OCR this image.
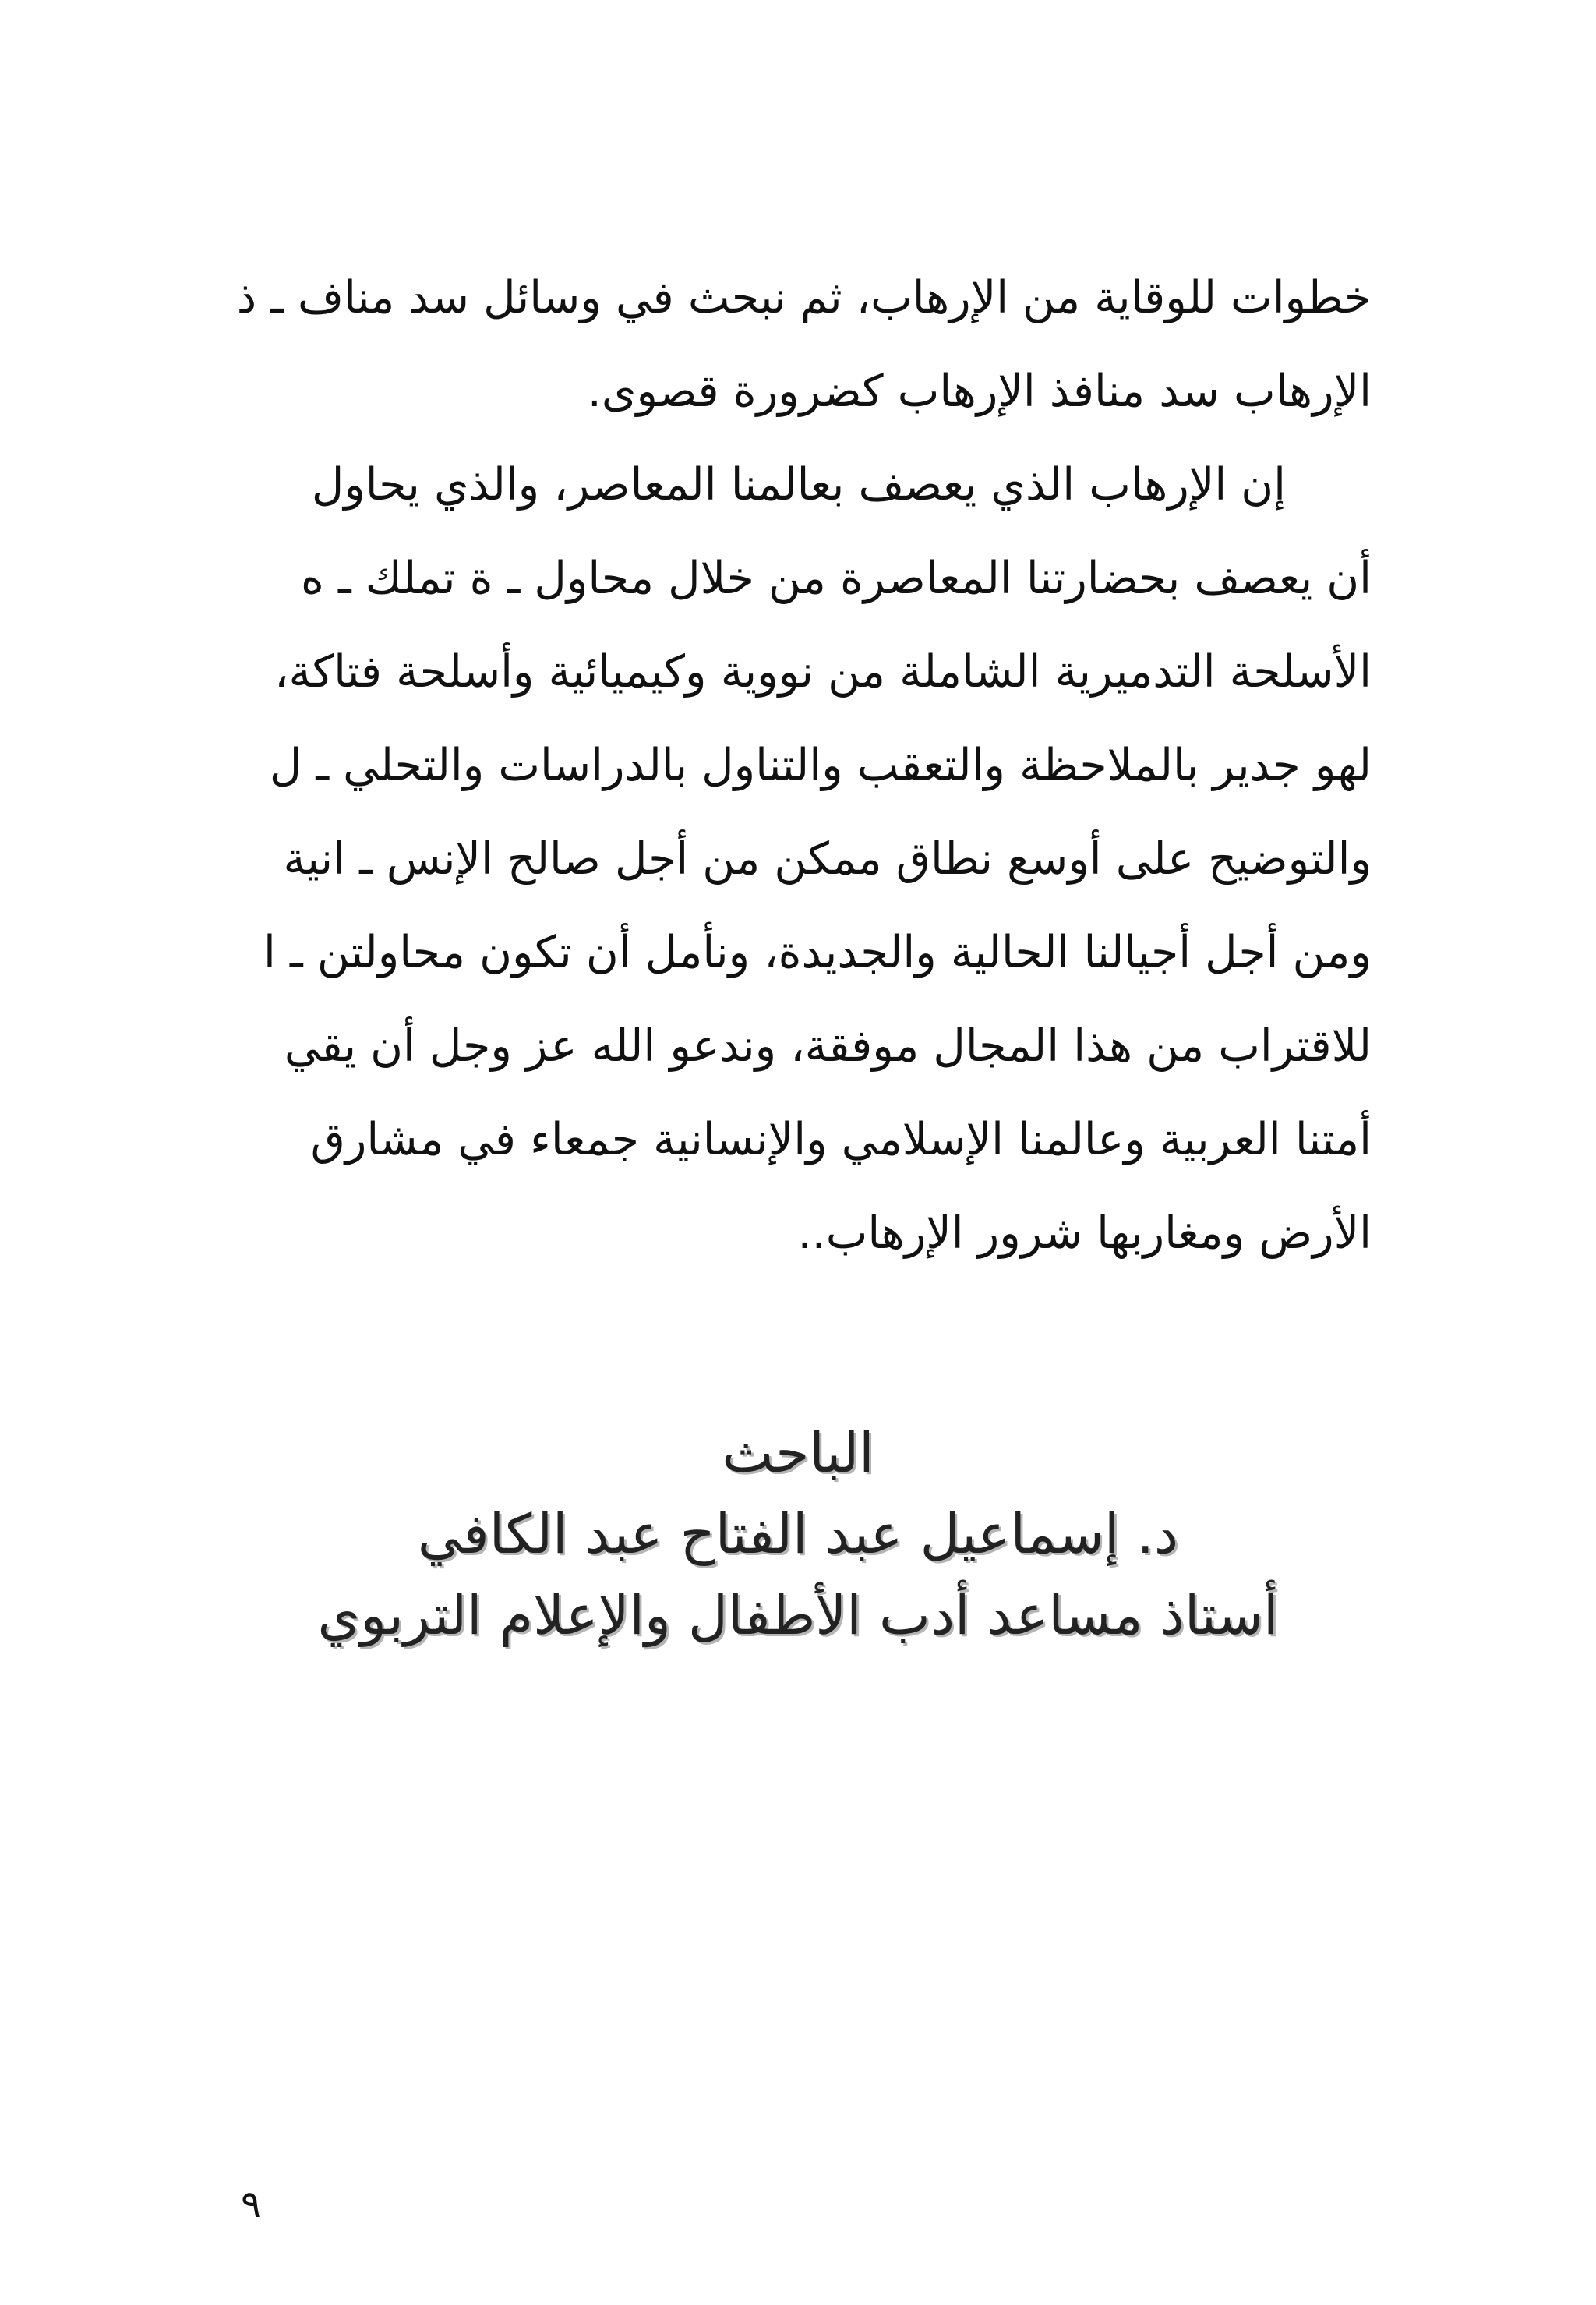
خطوات للوقاية من الإرهاب، ثم نبحث في وسائل سد مناف ـ ذ
الإرهاب سد منافذ الإرهاب كضرورة قصوى.
إن الإرهاب الذي يعصف بعالمنا المعاصر، والذي يحاول
أن يعصف بحضارتنا المعاصرة من خلال محاول ـ ة تملك ـ ه
الأسلحة التدميرية الشاملة من نووية وكيميائية وأسلحة فتاكة،
لهو جدير بالملاحظة والتعقب والتناول بالدراسات والتحلي ـ ل
والتوضيح على أوسع نطاق ممكن من أجل صالح الإنس ـ انية
ومن أجل أجيالنا الحالية والجديدة، ونأمل أن تكون محاولتن ـ ا
للاقتراب من هذا المجال موفقة، وندعو الله عز وجل أن يقي
أمتنا العربية وعالمنا الإسلامي والإنسانية جمعاء في مشارق
الأرض ومغاربها شرور الإرهاب..
الباحث
د. إسماعيل عبد الفتاح عبد الكافي
أستاذ مساعد أدب الأطفال والإعلام التربوي
٩
